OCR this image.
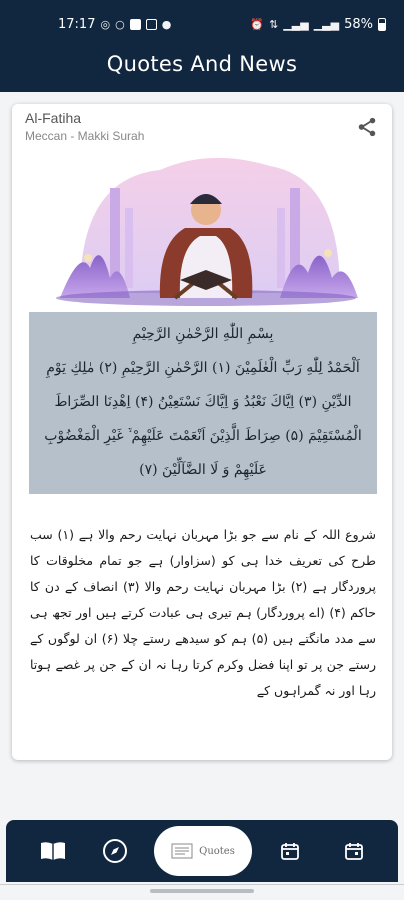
17:17 ◎ ○	●	⏰ ⇅ ▁▃▅ ▁▃▅ 58%
Quotes And News
Al-Fatiha
Meccan - Makki Surah
بِسْمِ اللّٰهِ الرَّحْمٰنِ الرَّحِیْمِ
اَلْحَمْدُ لِلّٰهِ رَبِّ الْعٰلَمِیْنَ (۱) الرَّحْمٰنِ الرَّحِیْمِ (۲) مٰلِكِ یَوْمِ
الدِّیْنِ (۳) اِیَّاكَ نَعْبُدُ وَ اِیَّاكَ نَسْتَعِیْنُ (۴) اِهْدِنَا الصِّرَاطَ
الْمُسْتَقِیْمَ (۵) صِرَاطَ الَّذِیْنَ اَنْعَمْتَ عَلَیْهِمْ ۙ۬ غَیْرِ الْمَغْضُوْبِ
عَلَیْهِمْ وَ لَا الضَّآلِّیْنَ (۷)
شروع اللہ کے نام سے جو بڑا مہربان نہایت رحم والا ہے (۱) سب طرح کی تعریف خدا ہی کو (سزاوار) ہے جو تمام مخلوقات کا پروردگار ہے (۲) بڑا مہربان نہایت رحم والا (۳) انصاف کے دن کا حاکم (۴) (اے پروردگار) ہم تیری ہی عبادت کرتے ہیں اور تجھ ہی سے مدد مانگتے ہیں (۵) ہم کو سیدھے رستے چلا (۶) ان لوگوں کے رستے جن پر تو اپنا فضل وکرم کرتا رہا نہ ان کے جن پر غصے ہوتا رہا اور نہ گمراہوں کے
Quotes
